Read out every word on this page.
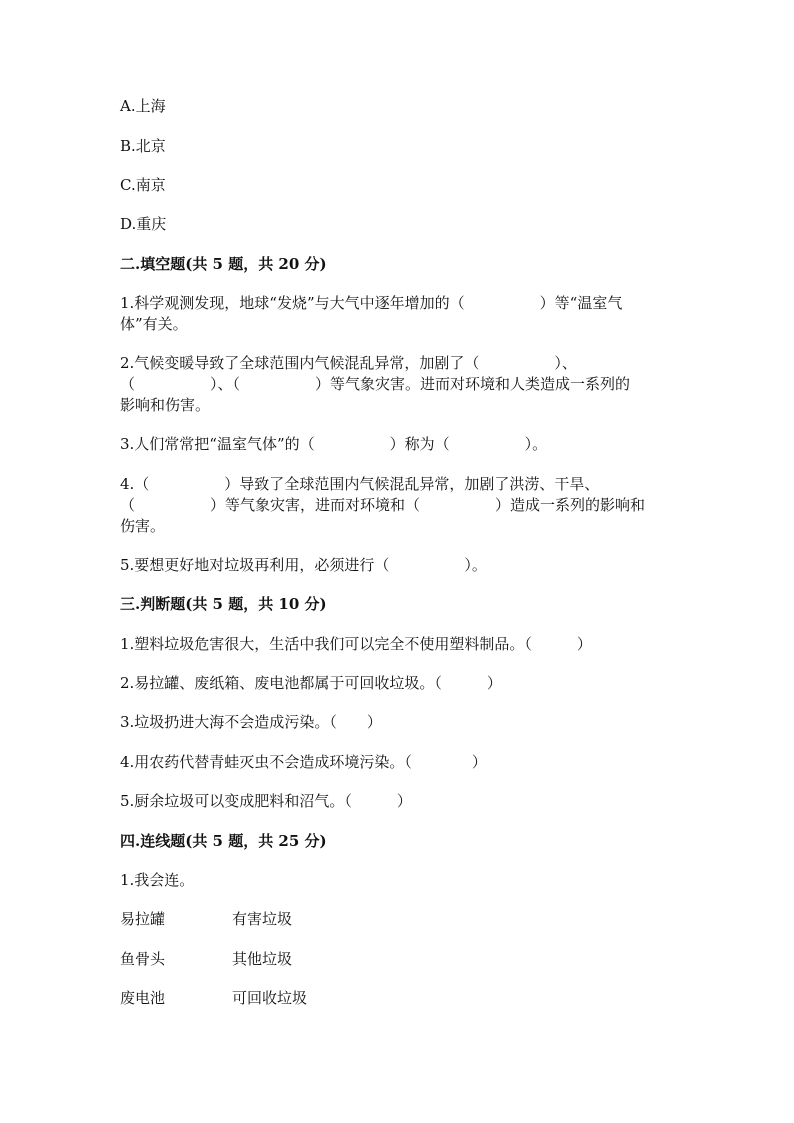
A.上海
B.北京
C.南京
D.重庆
二.填空题(共 5 题，共 20 分)
1.科学观测发现，地球“发烧”与大气中逐年增加的（　　　　　）等“温室气
体”有关。
2.气候变暖导致了全球范围内气候混乱异常，加剧了（　　　　　）、
（　　　　　）、（　　　　　）等气象灾害。进而对环境和人类造成一系列的
影响和伤害。
3.人们常常把“温室气体”的（　　　　　）称为（　　　　　）。
4.（　　　　　）导致了全球范围内气候混乱异常，加剧了洪涝、干旱、
（　　　　　）等气象灾害，进而对环境和（　　　　　）造成一系列的影响和
伤害。
5.要想更好地对垃圾再利用，必须进行（　　　　　）。
三.判断题(共 5 题，共 10 分)
1.塑料垃圾危害很大，生活中我们可以完全不使用塑料制品。（　　　）
2.易拉罐、废纸箱、废电池都属于可回收垃圾。（　　　）
3.垃圾扔进大海不会造成污染。（　　）
4.用农药代替青蛙灭虫不会造成环境污染。（　　　　）
5.厨余垃圾可以变成肥料和沼气。（　　　）
四.连线题(共 5 题，共 25 分)
1.我会连。
易拉罐	有害垃圾
鱼骨头	其他垃圾
废电池	可回收垃圾
